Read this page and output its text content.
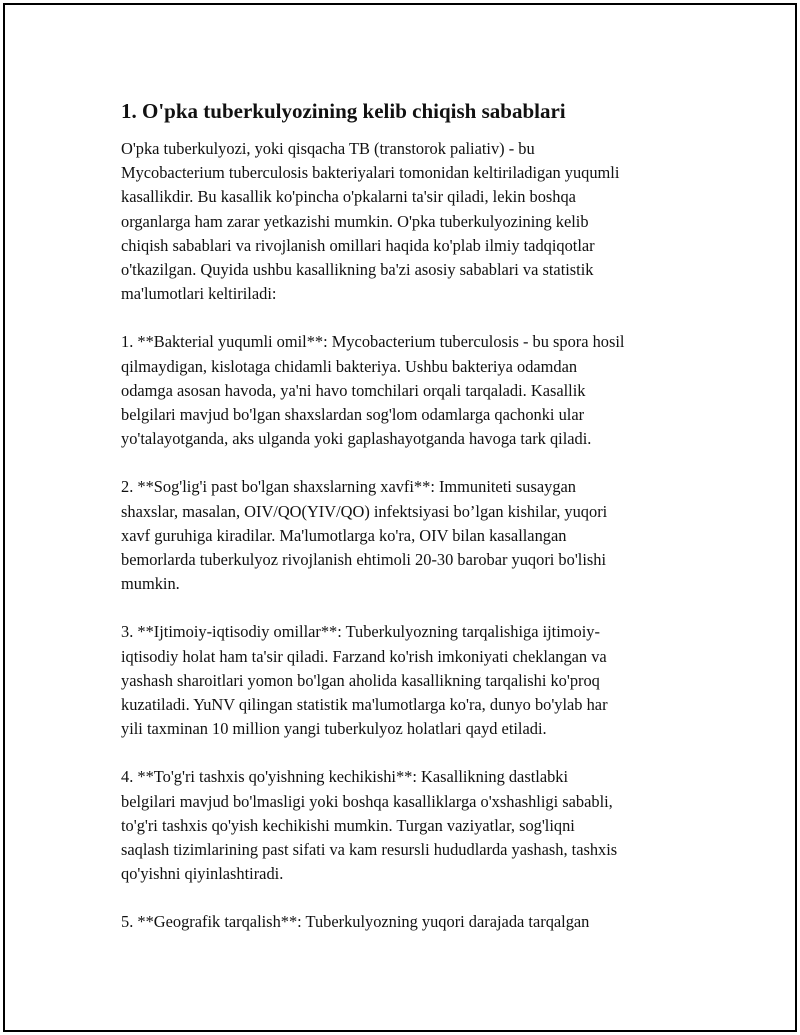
1. O'pka tuberkulyozining kelib chiqish sabablari

O'pka tuberkulyozi, yoki qisqacha TB (transtorok paliativ) - bu
Mycobacterium tuberculosis bakteriyalari tomonidan keltiriladigan yuqumli
kasallikdir. Bu kasallik ko'pincha o'pkalarni ta'sir qiladi, lekin boshqa
organlarga ham zarar yetkazishi mumkin. O'pka tuberkulyozining kelib
chiqish sabablari va rivojlanish omillari haqida ko'plab ilmiy tadqiqotlar
o'tkazilgan. Quyida ushbu kasallikning ba'zi asosiy sabablari va statistik
ma'lumotlari keltiriladi:

1. **Bakterial yuqumli omil**: Mycobacterium tuberculosis - bu spora hosil
qilmaydigan, kislotaga chidamli bakteriya. Ushbu bakteriya odamdan
odamga asosan havoda, ya'ni havo tomchilari orqali tarqaladi. Kasallik
belgilari mavjud bo'lgan shaxslardan sog'lom odamlarga qachonki ular
yo'talayotganda, aks ulganda yoki gaplashayotganda havoga tark qiladi.

2. **Sog'lig'i past bo'lgan shaxslarning xavfi**: Immuniteti susaygan
shaxslar, masalan, OIV/QO(YIV/QO) infektsiyasi bo’lgan kishilar, yuqori
xavf guruhiga kiradilar. Ma'lumotlarga ko'ra, OIV bilan kasallangan
bemorlarda tuberkulyoz rivojlanish ehtimoli 20-30 barobar yuqori bo'lishi
mumkin.

3. **Ijtimoiy-iqtisodiy omillar**: Tuberkulyozning tarqalishiga ijtimoiy-
iqtisodiy holat ham ta'sir qiladi. Farzand ko'rish imkoniyati cheklangan va
yashash sharoitlari yomon bo'lgan aholida kasallikning tarqalishi ko'proq
kuzatiladi. YuNV qilingan statistik ma'lumotlarga ko'ra, dunyo bo'ylab har
yili taxminan 10 million yangi tuberkulyoz holatlari qayd etiladi.

4. **To'g'ri tashxis qo'yishning kechikishi**: Kasallikning dastlabki
belgilari mavjud bo'lmasligi yoki boshqa kasalliklarga o'xshashligi sababli,
to'g'ri tashxis qo'yish kechikishi mumkin. Turgan vaziyatlar, sog'liqni
saqlash tizimlarining past sifati va kam resursli hududlarda yashash, tashxis
qo'yishni qiyinlashtiradi.

5. **Geografik tarqalish**: Tuberkulyozning yuqori darajada tarqalgan
